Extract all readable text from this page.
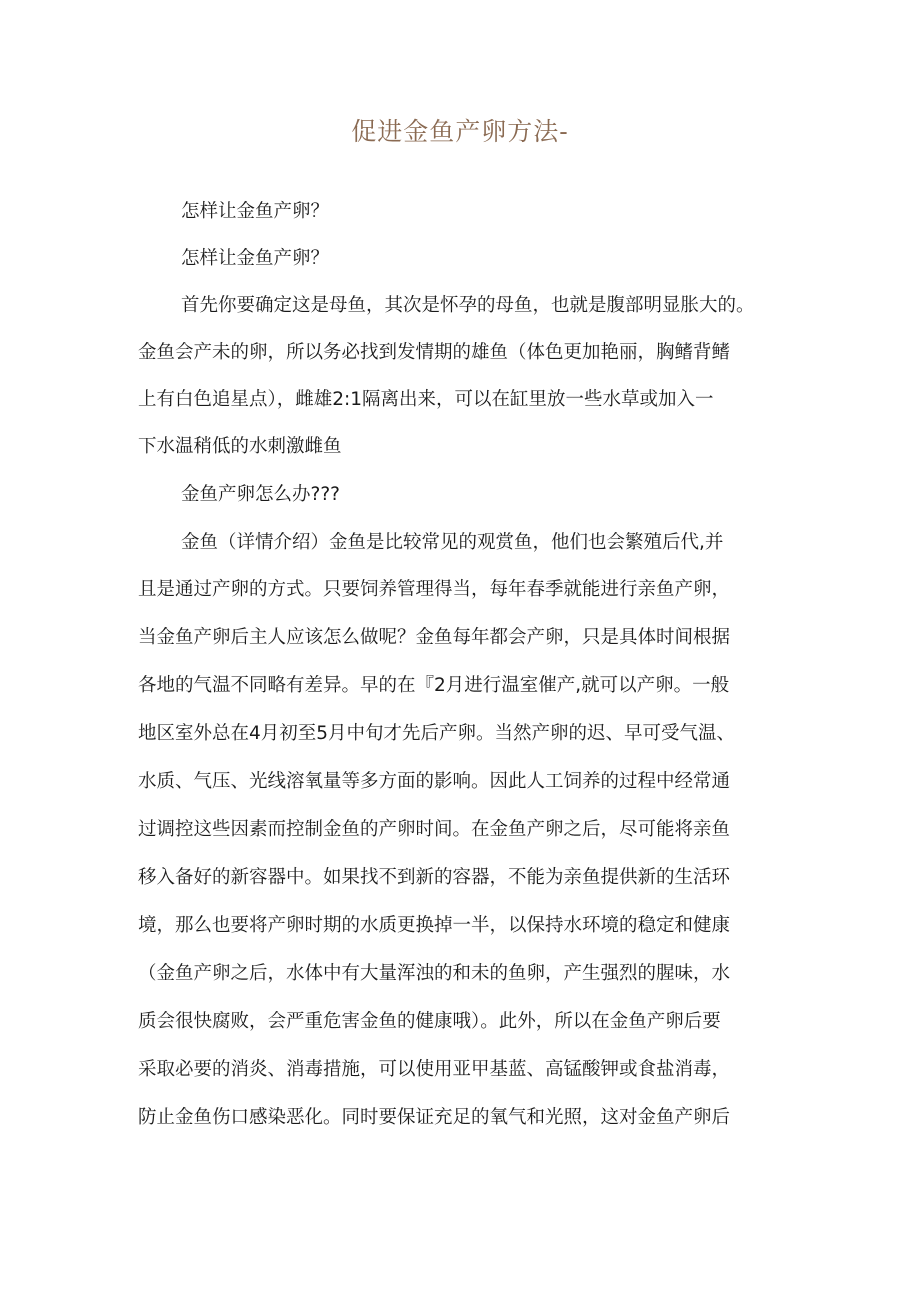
促进金鱼产卵方法-
怎样让金鱼产卵？
怎样让金鱼产卵？
首先你要确定这是母鱼，其次是怀孕的母鱼，也就是腹部明显胀大的。
金鱼会产未的卵，所以务必找到发情期的雄鱼（体色更加艳丽，胸鳍背鳍
上有白色追星点），雌雄2:1隔离出来，可以在缸里放一些水草或加入一
下水温稍低的水刺激雌鱼
金鱼产卵怎么办???
金鱼（详情介绍）金鱼是比较常见的观赏鱼，他们也会繁殖后代,并
且是通过产卵的方式。只要饲养管理得当，每年春季就能进行亲鱼产卵，
当金鱼产卵后主人应该怎么做呢？金鱼每年都会产卵，只是具体时间根据
各地的气温不同略有差异。早的在『2月进行温室催产,就可以产卵。一般
地区室外总在4月初至5月中旬才先后产卵。当然产卵的迟、早可受气温、
水质、气压、光线溶氧量等多方面的影响。因此人工饲养的过程中经常通
过调控这些因素而控制金鱼的产卵时间。在金鱼产卵之后，尽可能将亲鱼
移入备好的新容器中。如果找不到新的容器，不能为亲鱼提供新的生活环
境，那么也要将产卵时期的水质更换掉一半，以保持水环境的稳定和健康
（金鱼产卵之后，水体中有大量浑浊的和未的鱼卵，产生强烈的腥味，水
质会很快腐败，会严重危害金鱼的健康哦）。此外，所以在金鱼产卵后要
采取必要的消炎、消毒措施，可以使用亚甲基蓝、高锰酸钾或食盐消毒，
防止金鱼伤口感染恶化。同时要保证充足的氧气和光照，这对金鱼产卵后
